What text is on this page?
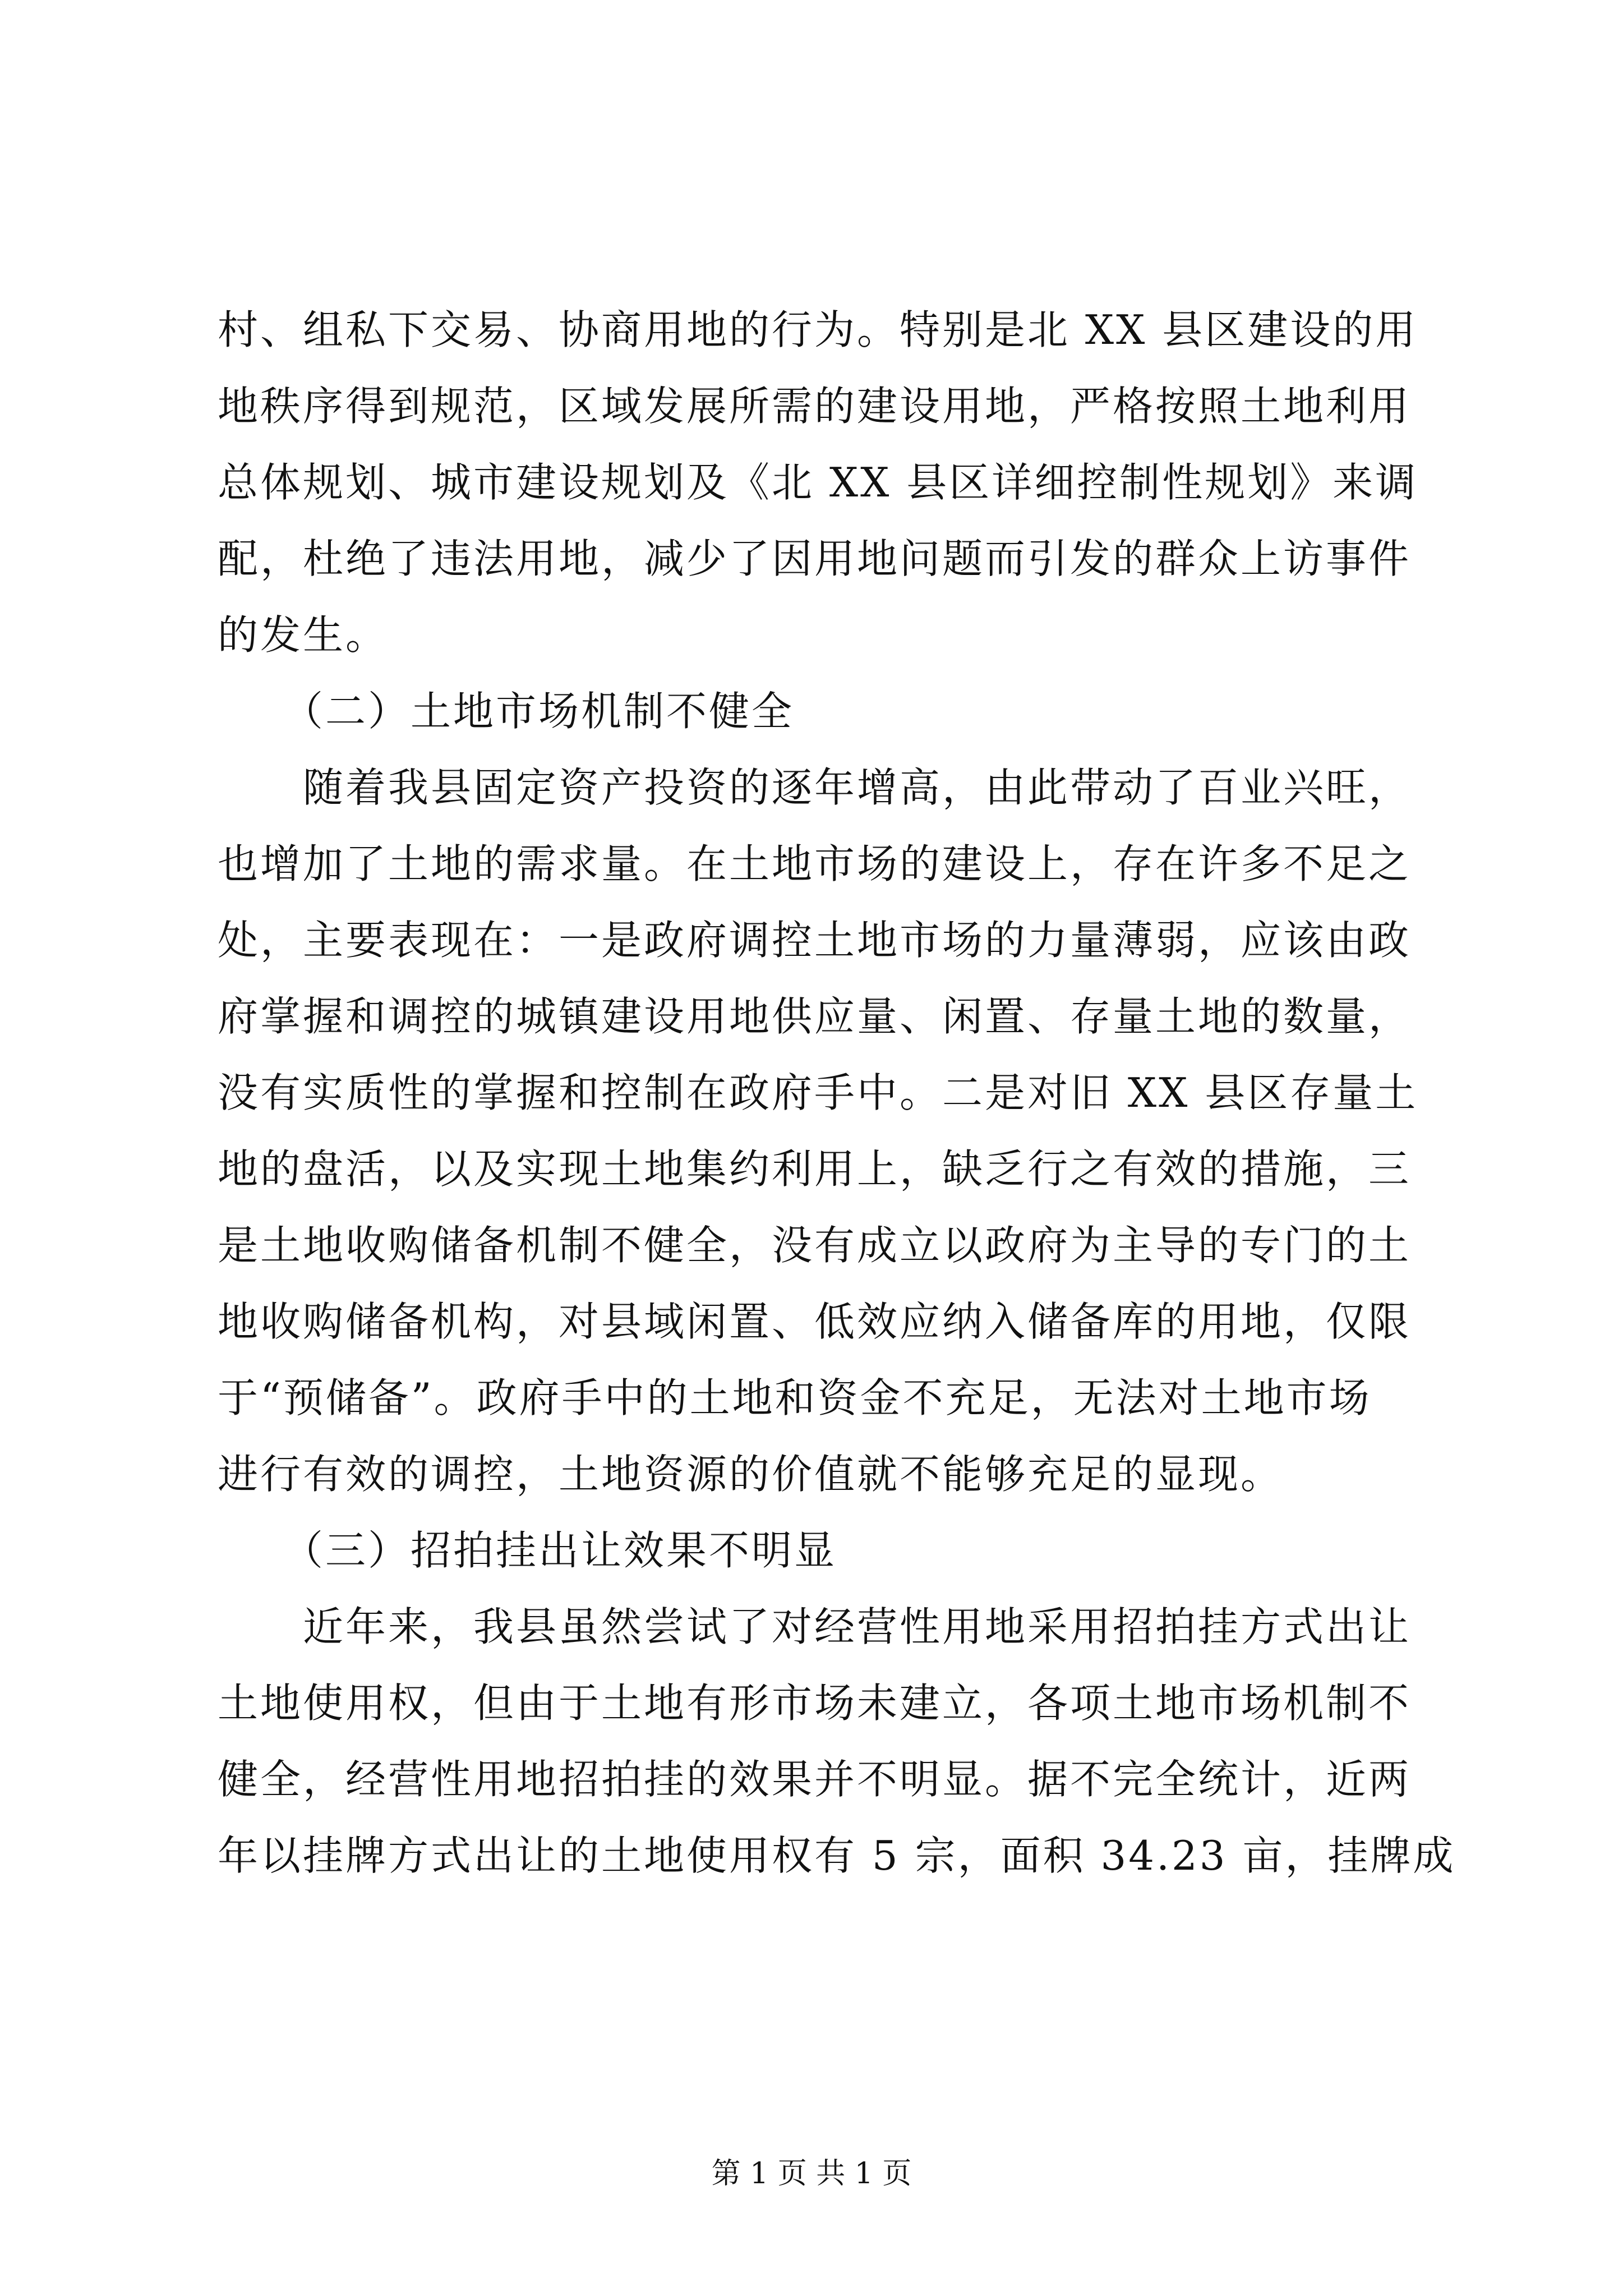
村、组私下交易、协商用地的行为。特别是北 XX 县区建设的用
地秩序得到规范，区域发展所需的建设用地，严格按照土地利用
总体规划、城市建设规划及《北 XX 县区详细控制性规划》来调
配，杜绝了违法用地，减少了因用地问题而引发的群众上访事件
的发生。
　　（二）土地市场机制不健全
　　随着我县固定资产投资的逐年增高，由此带动了百业兴旺，
也增加了土地的需求量。在土地市场的建设上，存在许多不足之
处，主要表现在：一是政府调控土地市场的力量薄弱，应该由政
府掌握和调控的城镇建设用地供应量、闲置、存量土地的数量，
没有实质性的掌握和控制在政府手中。二是对旧 XX 县区存量土
地的盘活，以及实现土地集约利用上，缺乏行之有效的措施，三
是土地收购储备机制不健全，没有成立以政府为主导的专门的土
地收购储备机构，对县域闲置、低效应纳入储备库的用地，仅限
于“预储备”。政府手中的土地和资金不充足，无法对土地市场
进行有效的调控，土地资源的价值就不能够充足的显现。
　　（三）招拍挂出让效果不明显
　　近年来，我县虽然尝试了对经营性用地采用招拍挂方式出让
土地使用权，但由于土地有形市场未建立，各项土地市场机制不
健全，经营性用地招拍挂的效果并不明显。据不完全统计，近两
年以挂牌方式出让的土地使用权有 5 宗，面积 34.23 亩，挂牌成
第 1 页 共 1 页
